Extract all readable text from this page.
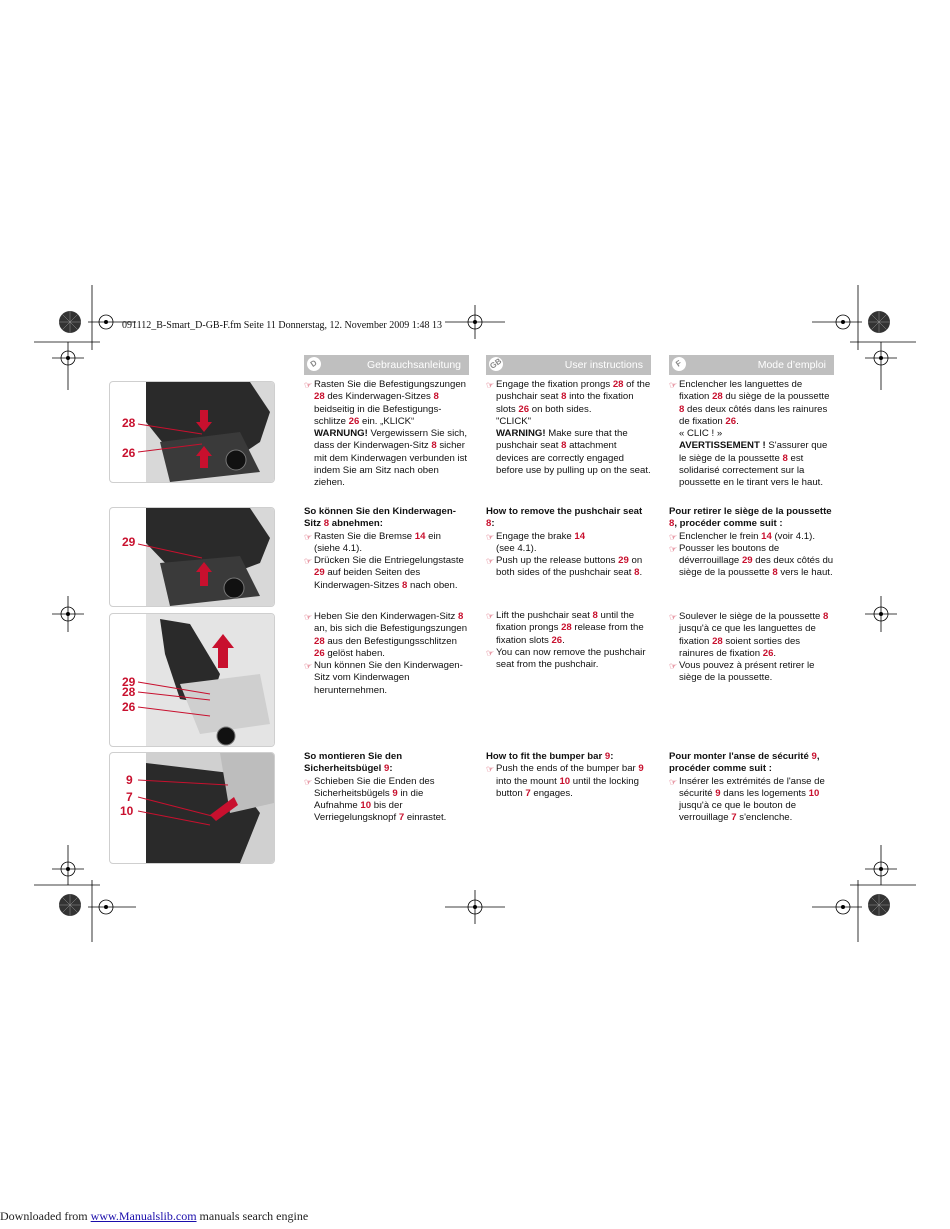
091112_B-Smart_D-GB-F.fm Seite 11 Donnerstag, 12. November 2009 1:48 13
D	Gebrauchsanleitung	GB	User instructions	F	Mode d’emploi
28
26
29
29
28
26
9
7
10

☞ Rasten Sie die Befestigungszungen 28 des Kinderwagen-Sitzes 8 beidseitig in die Befestigungs-schlitze 26 ein. „KLICK“
WARNUNG! Vergewissern Sie sich, dass der Kinderwagen-Sitz 8 sicher mit dem Kinderwagen verbunden ist indem Sie am Sitz nach oben ziehen.

So können Sie den Kinderwagen-Sitz 8 abnehmen:

☞ Rasten Sie die Bremse 14 ein (siehe 4.1).

☞ Drücken Sie die Entriegelungstaste 29 auf beiden Seiten des Kinderwagen-Sitzes 8 nach oben.

☞ Heben Sie den Kinderwagen-Sitz 8 an, bis sich die Befestigungszungen 28 aus den Befestigungsschlitzen 26 gelöst haben.

☞ Nun können Sie den Kinderwagen-Sitz vom Kinderwagen herunternehmen.

So montieren Sie den Sicherheitsbügel 9:

☞ Schieben Sie die Enden des Sicherheitsbügels 9 in die Aufnahme 10 bis der Verriegelungsknopf 7 einrastet.

☞ Engage the fixation prongs 28 of the pushchair seat 8 into the fixation slots 26 on both sides.
"CLICK"
WARNING! Make sure that the pushchair seat 8 attachment devices are correctly engaged before use by pulling up on the seat.

How to remove the pushchair seat 8:

☞ Engage the brake 14
(see 4.1).

☞ Push up the release buttons 29 on both sides of the pushchair seat 8.

☞ Lift the pushchair seat 8 until the fixation prongs 28 release from the fixation slots 26.

☞ You can now remove the pushchair seat from the pushchair.

How to fit the bumper bar 9:

☞ Push the ends of the bumper bar 9 into the mount 10 until the locking button 7 engages.

☞ Enclencher les languettes de fixation 28 du siège de la poussette 8 des deux côtés dans les rainures de fixation 26.
« CLIC ! »
AVERTISSEMENT ! S'assurer que le siège de la poussette 8 est solidarisé correctement sur la poussette en le tirant vers le haut.

Pour retirer le siège de la poussette 8, procéder comme suit :

☞ Enclencher le frein 14 (voir 4.1).

☞ Pousser les boutons de déverrouillage 29 des deux côtés du siège de la poussette 8 vers le haut.

☞ Soulever le siège de la poussette 8 jusqu'à ce que les languettes de fixation 28 soient sorties des rainures de fixation 26.

☞ Vous pouvez à présent retirer le siège de la poussette.

Pour monter l'anse de sécurité 9, procéder comme suit :

☞ Insérer les extrémités de l'anse de sécurité 9 dans les logements 10 jusqu'à ce que le bouton de verrouillage 7 s'enclenche.

Downloaded from www.Manualslib.com manuals search engine
